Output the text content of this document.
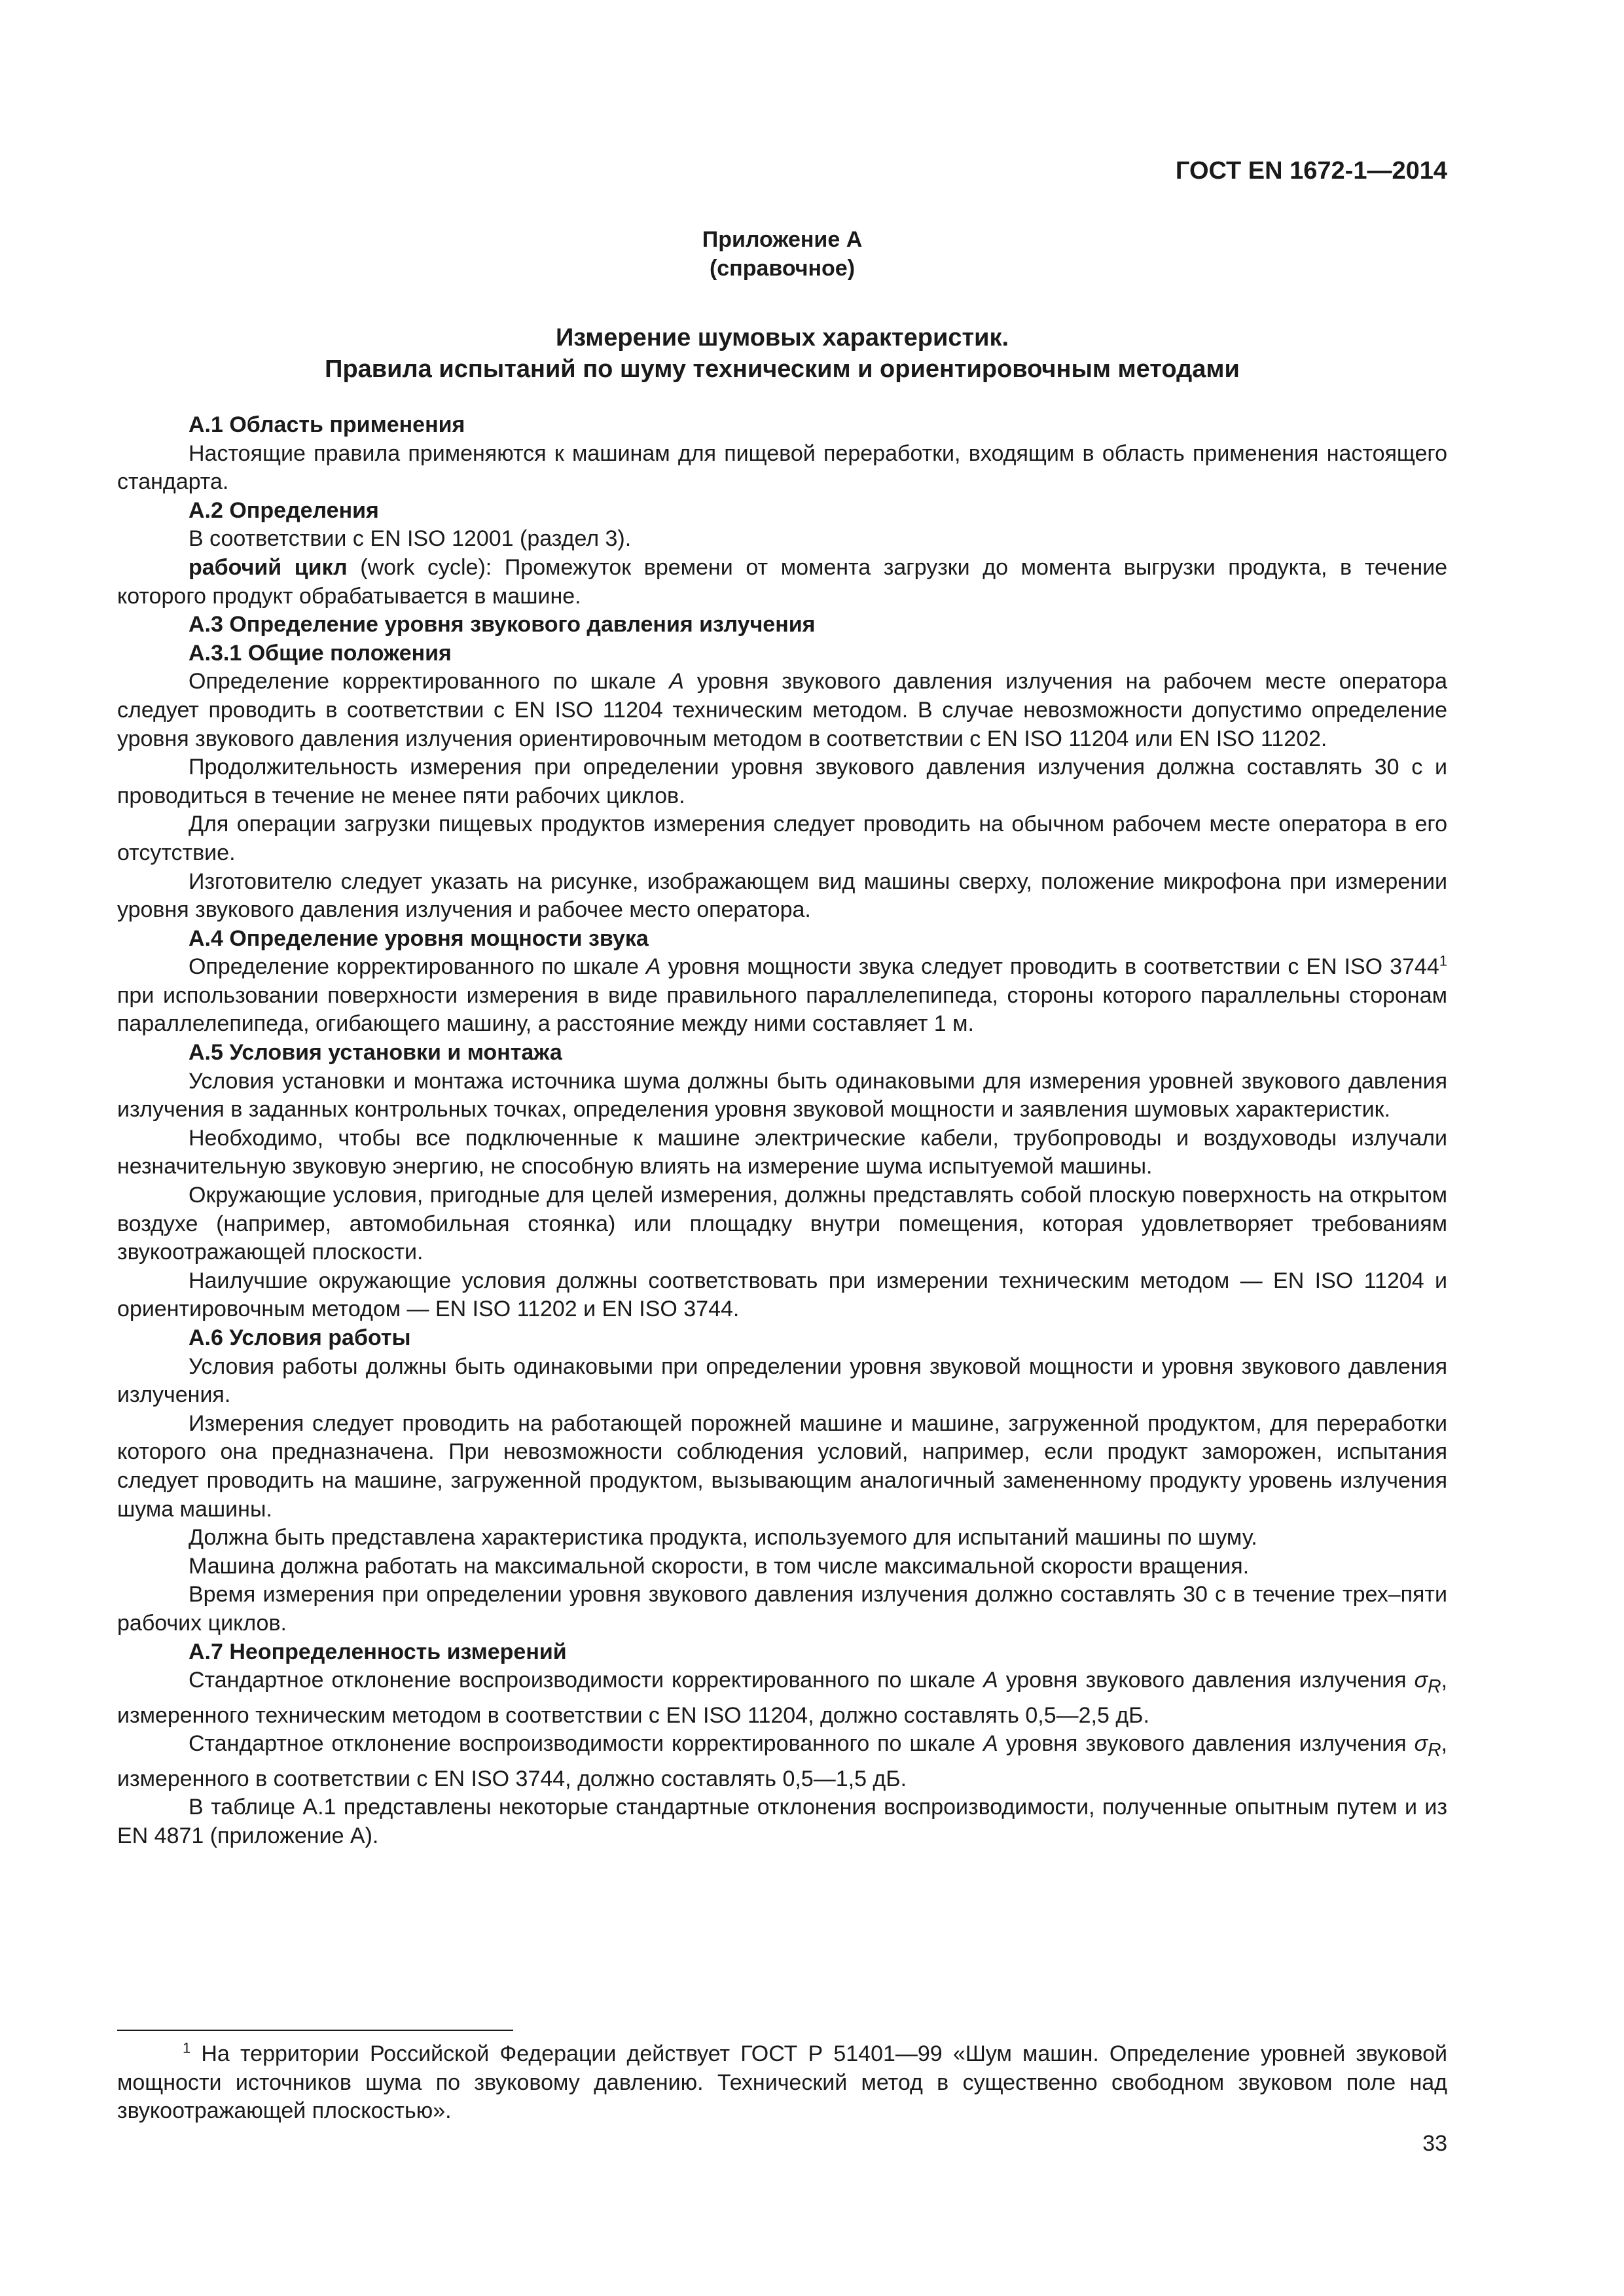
ГОСТ EN 1672-1—2014
Приложение А
(справочное)
Измерение шумовых характеристик.
Правила испытаний по шуму техническим и ориентировочным методами
А.1 Область применения

Настоящие правила применяются к машинам для пищевой переработки, входящим в область применения настоящего стандарта.

А.2 Определения

В соответствии с EN ISO 12001 (раздел 3).

рабочий цикл (work cycle): Промежуток времени от момента загрузки до момента выгрузки продукта, в течение которого продукт обрабатывается в машине.

А.3 Определение уровня звукового давления излучения
А.3.1 Общие положения

Определение корректированного по шкале А уровня звукового давления излучения на рабочем месте оператора следует проводить в соответствии с EN ISO 11204 техническим методом. В случае невозможности допустимо определение уровня звукового давления излучения ориентировочным методом в соответствии с EN ISO 11204 или EN ISO 11202.

Продолжительность измерения при определении уровня звукового давления излучения должна составлять 30 с и проводиться в течение не менее пяти рабочих циклов.

Для операции загрузки пищевых продуктов измерения следует проводить на обычном рабочем месте оператора в его отсутствие.

Изготовителю следует указать на рисунке, изображающем вид машины сверху, положение микрофона при измерении уровня звукового давления излучения и рабочее место оператора.

А.4 Определение уровня мощности звука

Определение корректированного по шкале А уровня мощности звука следует проводить в соответствии с EN ISO 3744$^1$ при использовании поверхности измерения в виде правильного параллелепипеда, стороны которого параллельны сторонам параллелепипеда, огибающего машину, а расстояние между ними составляет 1 м.

А.5 Условия установки и монтажа

Условия установки и монтажа источника шума должны быть одинаковыми для измерения уровней звукового давления излучения в заданных контрольных точках, определения уровня звуковой мощности и заявления шумовых характеристик.

Необходимо, чтобы все подключенные к машине электрические кабели, трубопроводы и воздуховоды излучали незначительную звуковую энергию, не способную влиять на измерение шума испытуемой машины.

Окружающие условия, пригодные для целей измерения, должны представлять собой плоскую поверхность на открытом воздухе (например, автомобильная стоянка) или площадку внутри помещения, которая удовлетворяет требованиям звукоотражающей плоскости.

Наилучшие окружающие условия должны соответствовать при измерении техническим методом — EN ISO 11204 и ориентировочным методом — EN ISO 11202 и EN ISO 3744.

А.6 Условия работы

Условия работы должны быть одинаковыми при определении уровня звуковой мощности и уровня звукового давления излучения.

Измерения следует проводить на работающей порожней машине и машине, загруженной продуктом, для переработки которого она предназначена. При невозможности соблюдения условий, например, если продукт заморожен, испытания следует проводить на машине, загруженной продуктом, вызывающим аналогичный замененному продукту уровень излучения шума машины.

Должна быть представлена характеристика продукта, используемого для испытаний машины по шуму.

Машина должна работать на максимальной скорости, в том числе максимальной скорости вращения.

Время измерения при определении уровня звукового давления излучения должно составлять 30 с в течение трех–пяти рабочих циклов.

А.7 Неопределенность измерений

Стандартное отклонение воспроизводимости корректированного по шкале А уровня звукового давления излучения $\sigma_R$, измеренного техническим методом в соответствии с EN ISO 11204, должно составлять 0,5—2,5 дБ.

Стандартное отклонение воспроизводимости корректированного по шкале А уровня звукового давления излучения $\sigma_R$, измеренного в соответствии с EN ISO 3744, должно составлять 0,5—1,5 дБ.

В таблице А.1 представлены некоторые стандартные отклонения воспроизводимости, полученные опытным путем и из EN 4871 (приложение А).

$^1$ На территории Российской Федерации действует ГОСТ Р 51401—99 «Шум машин. Определение уровней звуковой мощности источников шума по звуковому давлению. Технический метод в существенно свободном звуковом поле над звукоотражающей плоскостью».

33
